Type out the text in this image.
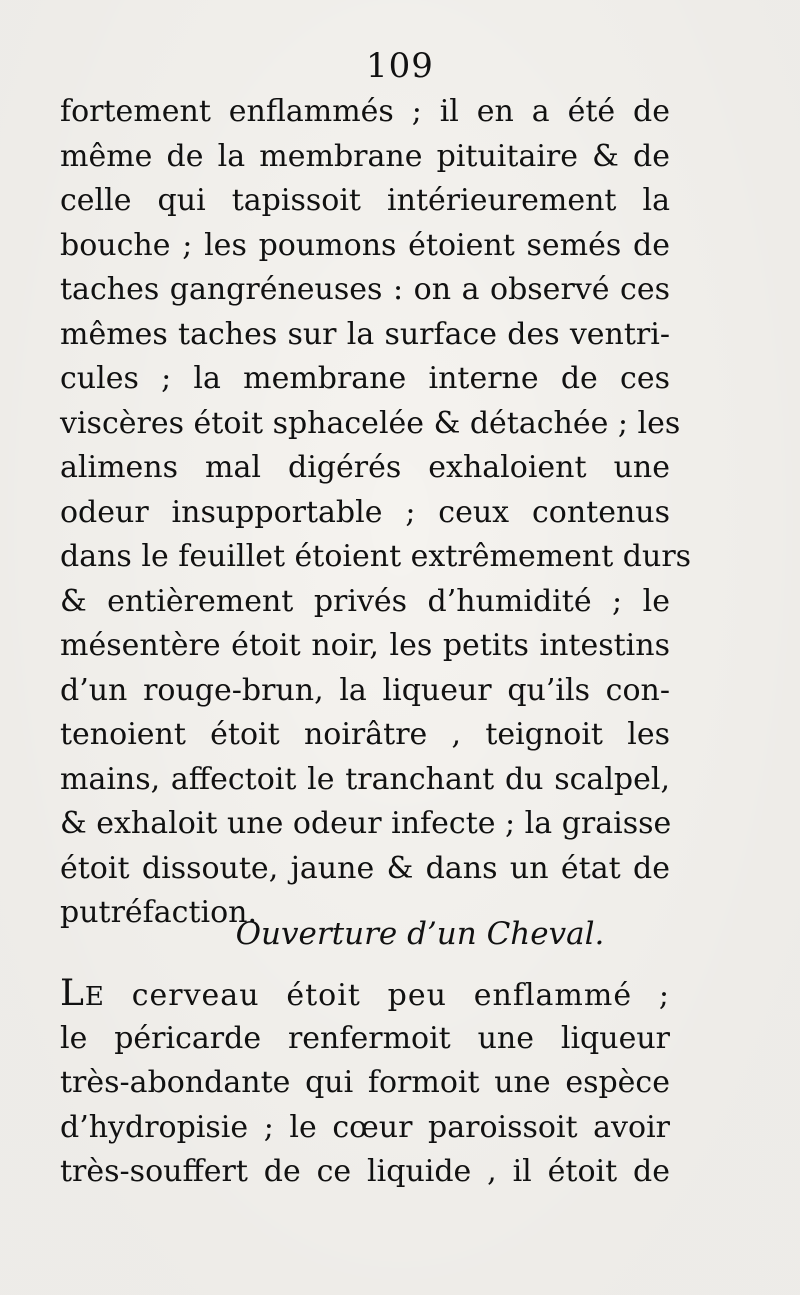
109
fortement enflammés ; il en a été de
même de la membrane pituitaire & de
celle qui tapissoit intérieurement la
bouche ; les poumons étoient semés de
taches gangréneuses : on a observé ces
mêmes taches sur la surface des ventri-
cules ; la membrane interne de ces
viscères étoit sphacelée & détachée ; les
alimens mal digérés exhaloient une
odeur insupportable ; ceux contenus
dans le feuillet étoient extrêmement durs
& entièrement privés d’humidité ; le
mésentère étoit noir, les petits intestins
d’un rouge-brun, la liqueur qu’ils con-
tenoient étoit noirâtre , teignoit les
mains, affectoit le tranchant du scalpel,
& exhaloit une odeur infecte ; la graisse
étoit dissoute, jaune & dans un état de
putréfaction.
Ouverture d’un Cheval.
LE cerveau étoit peu enflammé ;
le péricarde renfermoit une liqueur
très-abondante qui formoit une espèce
d’hydropisie ; le cœur paroissoit avoir
très-souffert de ce liquide , il étoit de
